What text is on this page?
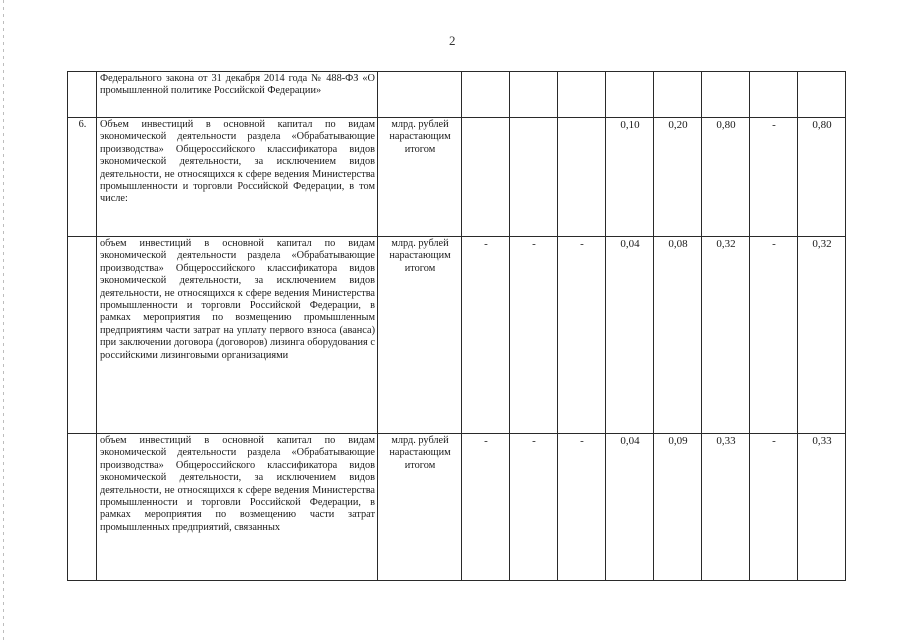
2
	Федерального закона от 31 декабря 2014 года № 488-ФЗ «О промышленной политике Российской Федерации»									
6.	Объем инвестиций в основной капитал по видам экономической деятельности раздела «Обрабатывающие производства» Общероссийского классификатора видов экономической деятельности, за исключением видов деятельности, не относящихся к сфере ведения Министерства промышленности и торговли Российской Федерации, в том числе:	млрд. рублей нарастающим итогом				0,10	0,20	0,80	-	0,80
	объем инвестиций в основной капитал по видам экономической деятельности раздела «Обрабатывающие производства» Общероссийского классификатора видов экономической деятельности, за исключением видов деятельности, не относящихся к сфере ведения Министерства промышленности и торговли Российской Федерации, в рамках мероприятия по возмещению промышленным предприятиям части затрат на уплату первого взноса (аванса) при заключении договора (договоров) лизинга оборудования с российскими лизинговыми организациями	млрд. рублей нарастающим итогом	-	-	-	0,04	0,08	0,32	-	0,32
	объем инвестиций в основной капитал по видам экономической деятельности раздела «Обрабатывающие производства» Общероссийского классификатора видов экономической деятельности, за исключением видов деятельности, не относящихся к сфере ведения Министерства промышленности и торговли Российской Федерации, в рамках мероприятия по возмещению части затрат промышленных предприятий, связанных	млрд. рублей нарастающим итогом	-	-	-	0,04	0,09	0,33	-	0,33
